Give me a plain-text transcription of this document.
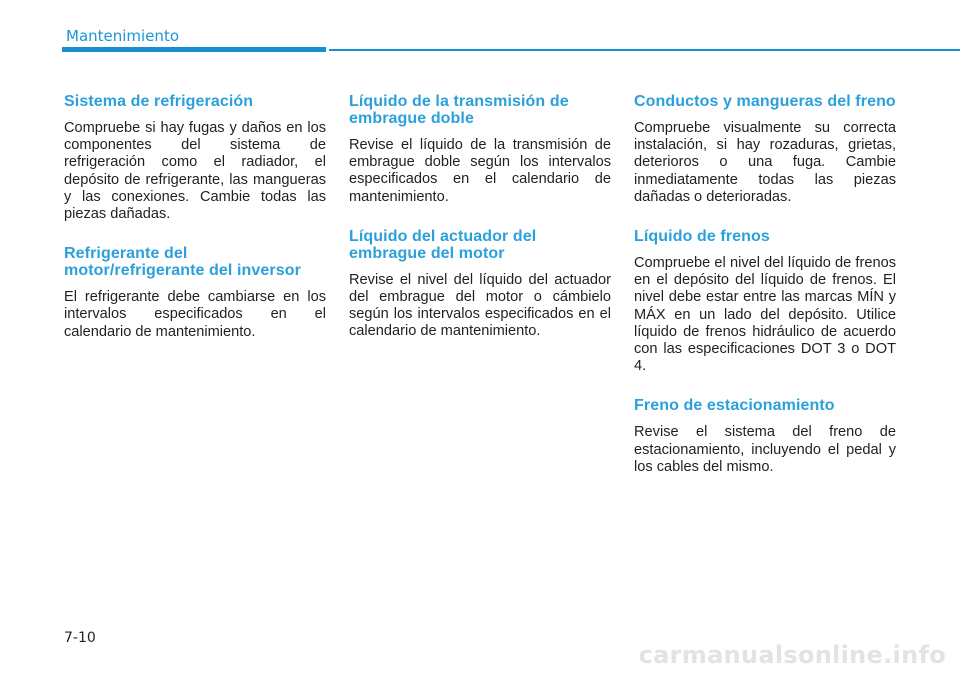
Mantenimiento
Sistema de refrigeración

Compruebe si hay fugas y daños en los componentes del sistema de refrigeración como el radiador, el depósito de refrigerante, las mangueras y las conexiones. Cambie todas las piezas dañadas.

Refrigerante del motor/refrigerante del inversor

El refrigerante debe cambiarse en los intervalos especificados en el calendario de mantenimiento.

Líquido de la transmisión de embrague doble

Revise el líquido de la transmisión de embrague doble según los intervalos especificados en el calendario de mantenimiento.

Líquido del actuador del embrague del motor

Revise el nivel del líquido del actuador del embrague del motor o cámbielo según los intervalos especificados en el calendario de mantenimiento.

Conductos y mangueras del freno

Compruebe visualmente su correcta instalación, si hay rozaduras, grietas, deterioros o una fuga. Cambie inmediatamente todas las piezas dañadas o deterioradas.

Líquido de frenos

Compruebe el nivel del líquido de frenos en el depósito del líquido de frenos. El nivel debe estar entre las marcas MÍN y MÁX en un lado del depósito. Utilice líquido de frenos hidráulico de acuerdo con las especificaciones DOT 3 o DOT 4.

Freno de estacionamiento

Revise el sistema del freno de estacionamiento, incluyendo el pedal y los cables del mismo.

7-10
carmanualsonline.info
